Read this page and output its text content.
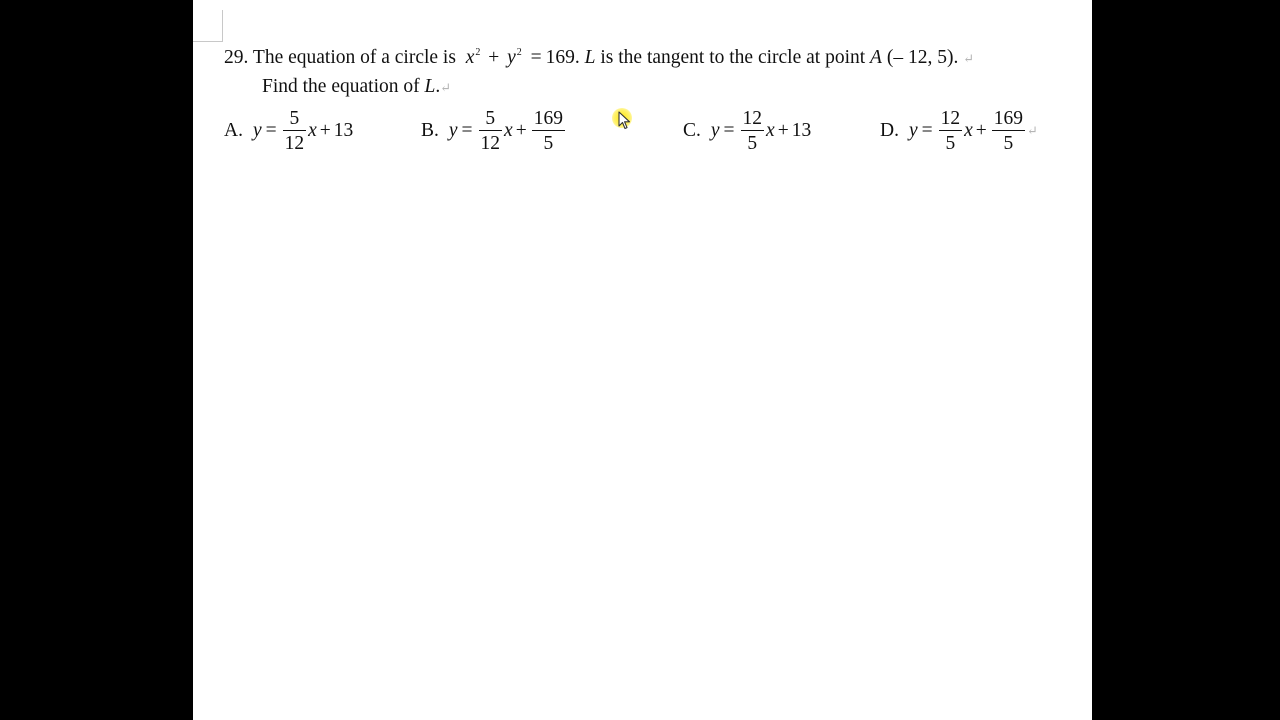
29. The equation of a circle is $x^2 + y^2 = 169$. L is the tangent to the circle at point A (– 12, 5). ↵
Find the equation of L.↵
A. $y = \frac{5}{12}$ x + 13	B. $y = \frac{5}{12}$ $x + \frac{169}{5}$	C. $y = \frac{12}{5}$ x + 13	D. $y = \frac{12}{5}$ $x + \frac{169}{5}$ ↵
